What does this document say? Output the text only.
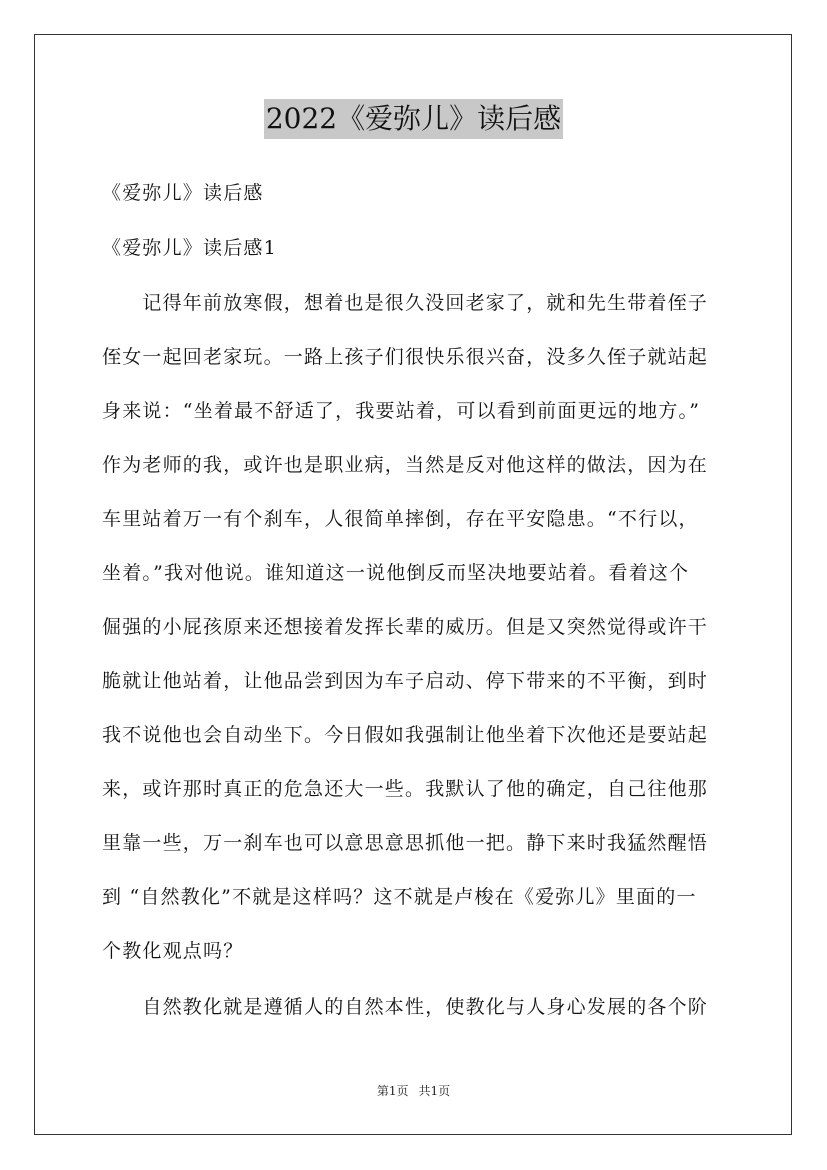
2022《爱弥儿》读后感
《爱弥儿》读后感
《爱弥儿》读后感1
　　记得年前放寒假，想着也是很久没回老家了，就和先生带着侄子
侄女一起回老家玩。一路上孩子们很快乐很兴奋，没多久侄子就站起
身来说：“坐着最不舒适了，我要站着，可以看到前面更远的地方。”
作为老师的我，或许也是职业病，当然是反对他这样的做法，因为在
车里站着万一有个刹车，人很简单摔倒，存在平安隐患。“不行以，
坐着。”我对他说。谁知道这一说他倒反而坚决地要站着。看着这个
倔强的小屁孩原来还想接着发挥长辈的威历。但是又突然觉得或许干
脆就让他站着，让他品尝到因为车子启动、停下带来的不平衡，到时
我不说他也会自动坐下。今日假如我强制让他坐着下次他还是要站起
来，或许那时真正的危急还大一些。我默认了他的确定，自己往他那
里靠一些，万一刹车也可以意思意思抓他一把。静下来时我猛然醒悟
到 “自然教化”不就是这样吗？这不就是卢梭在《爱弥儿》里面的一
个教化观点吗？
　　自然教化就是遵循人的自然本性，使教化与人身心发展的各个阶
第1页 共1页
